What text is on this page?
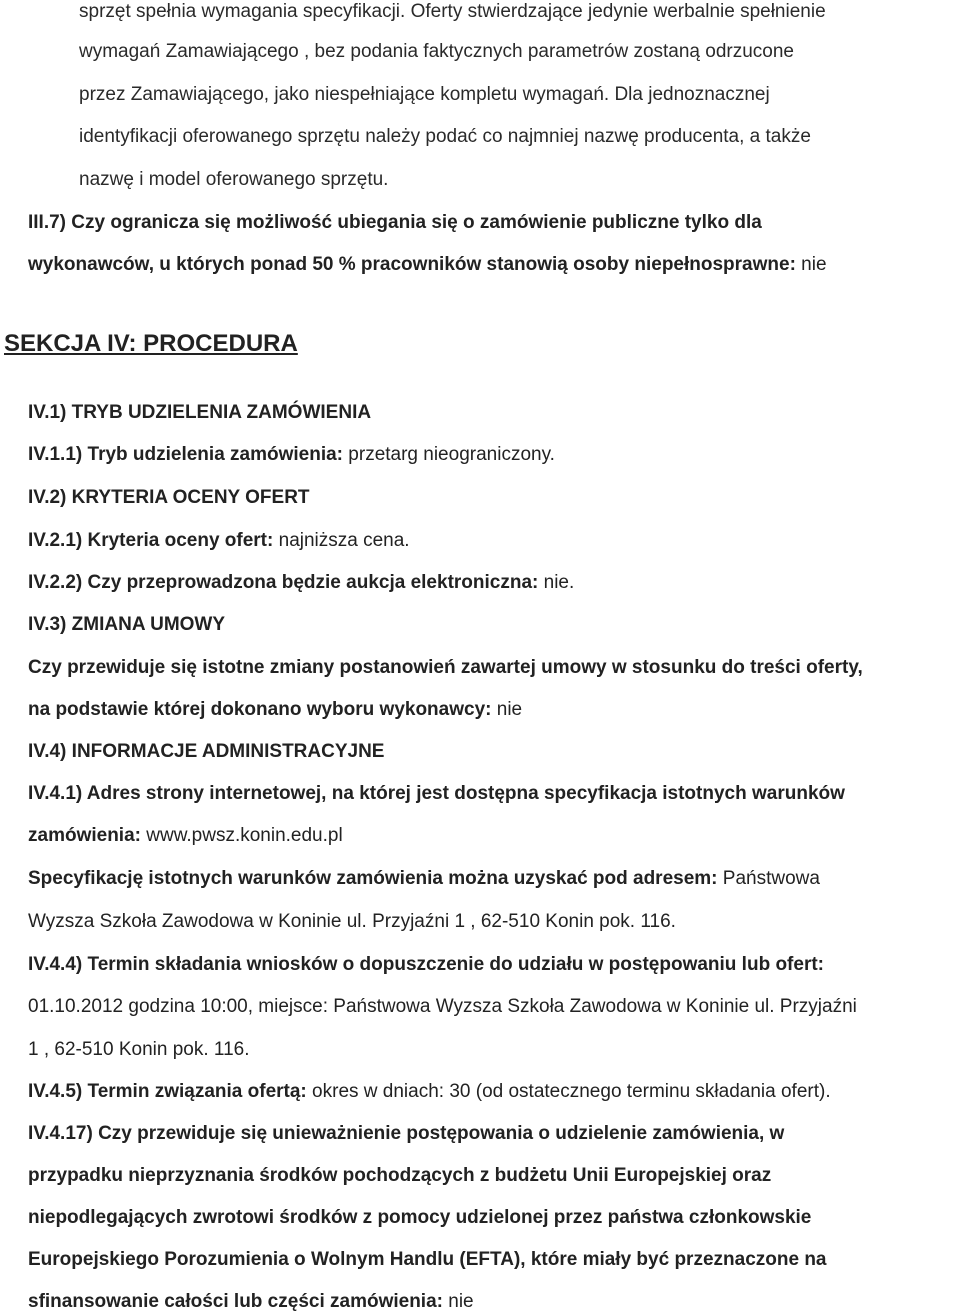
sprzęt spełnia wymagania specyfikacji. Oferty stwierdzające jedynie werbalnie spełnienie
wymagań Zamawiającego , bez podania faktycznych parametrów zostaną odrzucone
przez Zamawiającego, jako niespełniające kompletu wymagań. Dla jednoznacznej
identyfikacji oferowanego sprzętu należy podać co najmniej nazwę producenta, a także
nazwę i model oferowanego sprzętu.
III.7) Czy ogranicza się możliwość ubiegania się o zamówienie publiczne tylko dla
wykonawców, u których ponad 50 % pracowników stanowią osoby niepełnosprawne: nie
SEKCJA IV: PROCEDURA
IV.1) TRYB UDZIELENIA ZAMÓWIENIA
IV.1.1) Tryb udzielenia zamówienia: przetarg nieograniczony.
IV.2) KRYTERIA OCENY OFERT
IV.2.1) Kryteria oceny ofert: najniższa cena.
IV.2.2) Czy przeprowadzona będzie aukcja elektroniczna: nie.
IV.3) ZMIANA UMOWY
Czy przewiduje się istotne zmiany postanowień zawartej umowy w stosunku do treści oferty,
na podstawie której dokonano wyboru wykonawcy: nie
IV.4) INFORMACJE ADMINISTRACYJNE
IV.4.1) Adres strony internetowej, na której jest dostępna specyfikacja istotnych warunków
zamówienia: www.pwsz.konin.edu.pl
Specyfikację istotnych warunków zamówienia można uzyskać pod adresem: Państwowa
Wyzsza Szkoła Zawodowa w Koninie ul. Przyjaźni 1 , 62-510 Konin pok. 116.
IV.4.4) Termin składania wniosków o dopuszczenie do udziału w postępowaniu lub ofert:
01.10.2012 godzina 10:00, miejsce: Państwowa Wyzsza Szkoła Zawodowa w Koninie ul. Przyjaźni
1 , 62-510 Konin pok. 116.
IV.4.5) Termin związania ofertą: okres w dniach: 30 (od ostatecznego terminu składania ofert).
IV.4.17) Czy przewiduje się unieważnienie postępowania o udzielenie zamówienia, w
przypadku nieprzyznania środków pochodzących z budżetu Unii Europejskiej oraz
niepodlegających zwrotowi środków z pomocy udzielonej przez państwa członkowskie
Europejskiego Porozumienia o Wolnym Handlu (EFTA), które miały być przeznaczone na
sfinansowanie całości lub części zamówienia: nie
